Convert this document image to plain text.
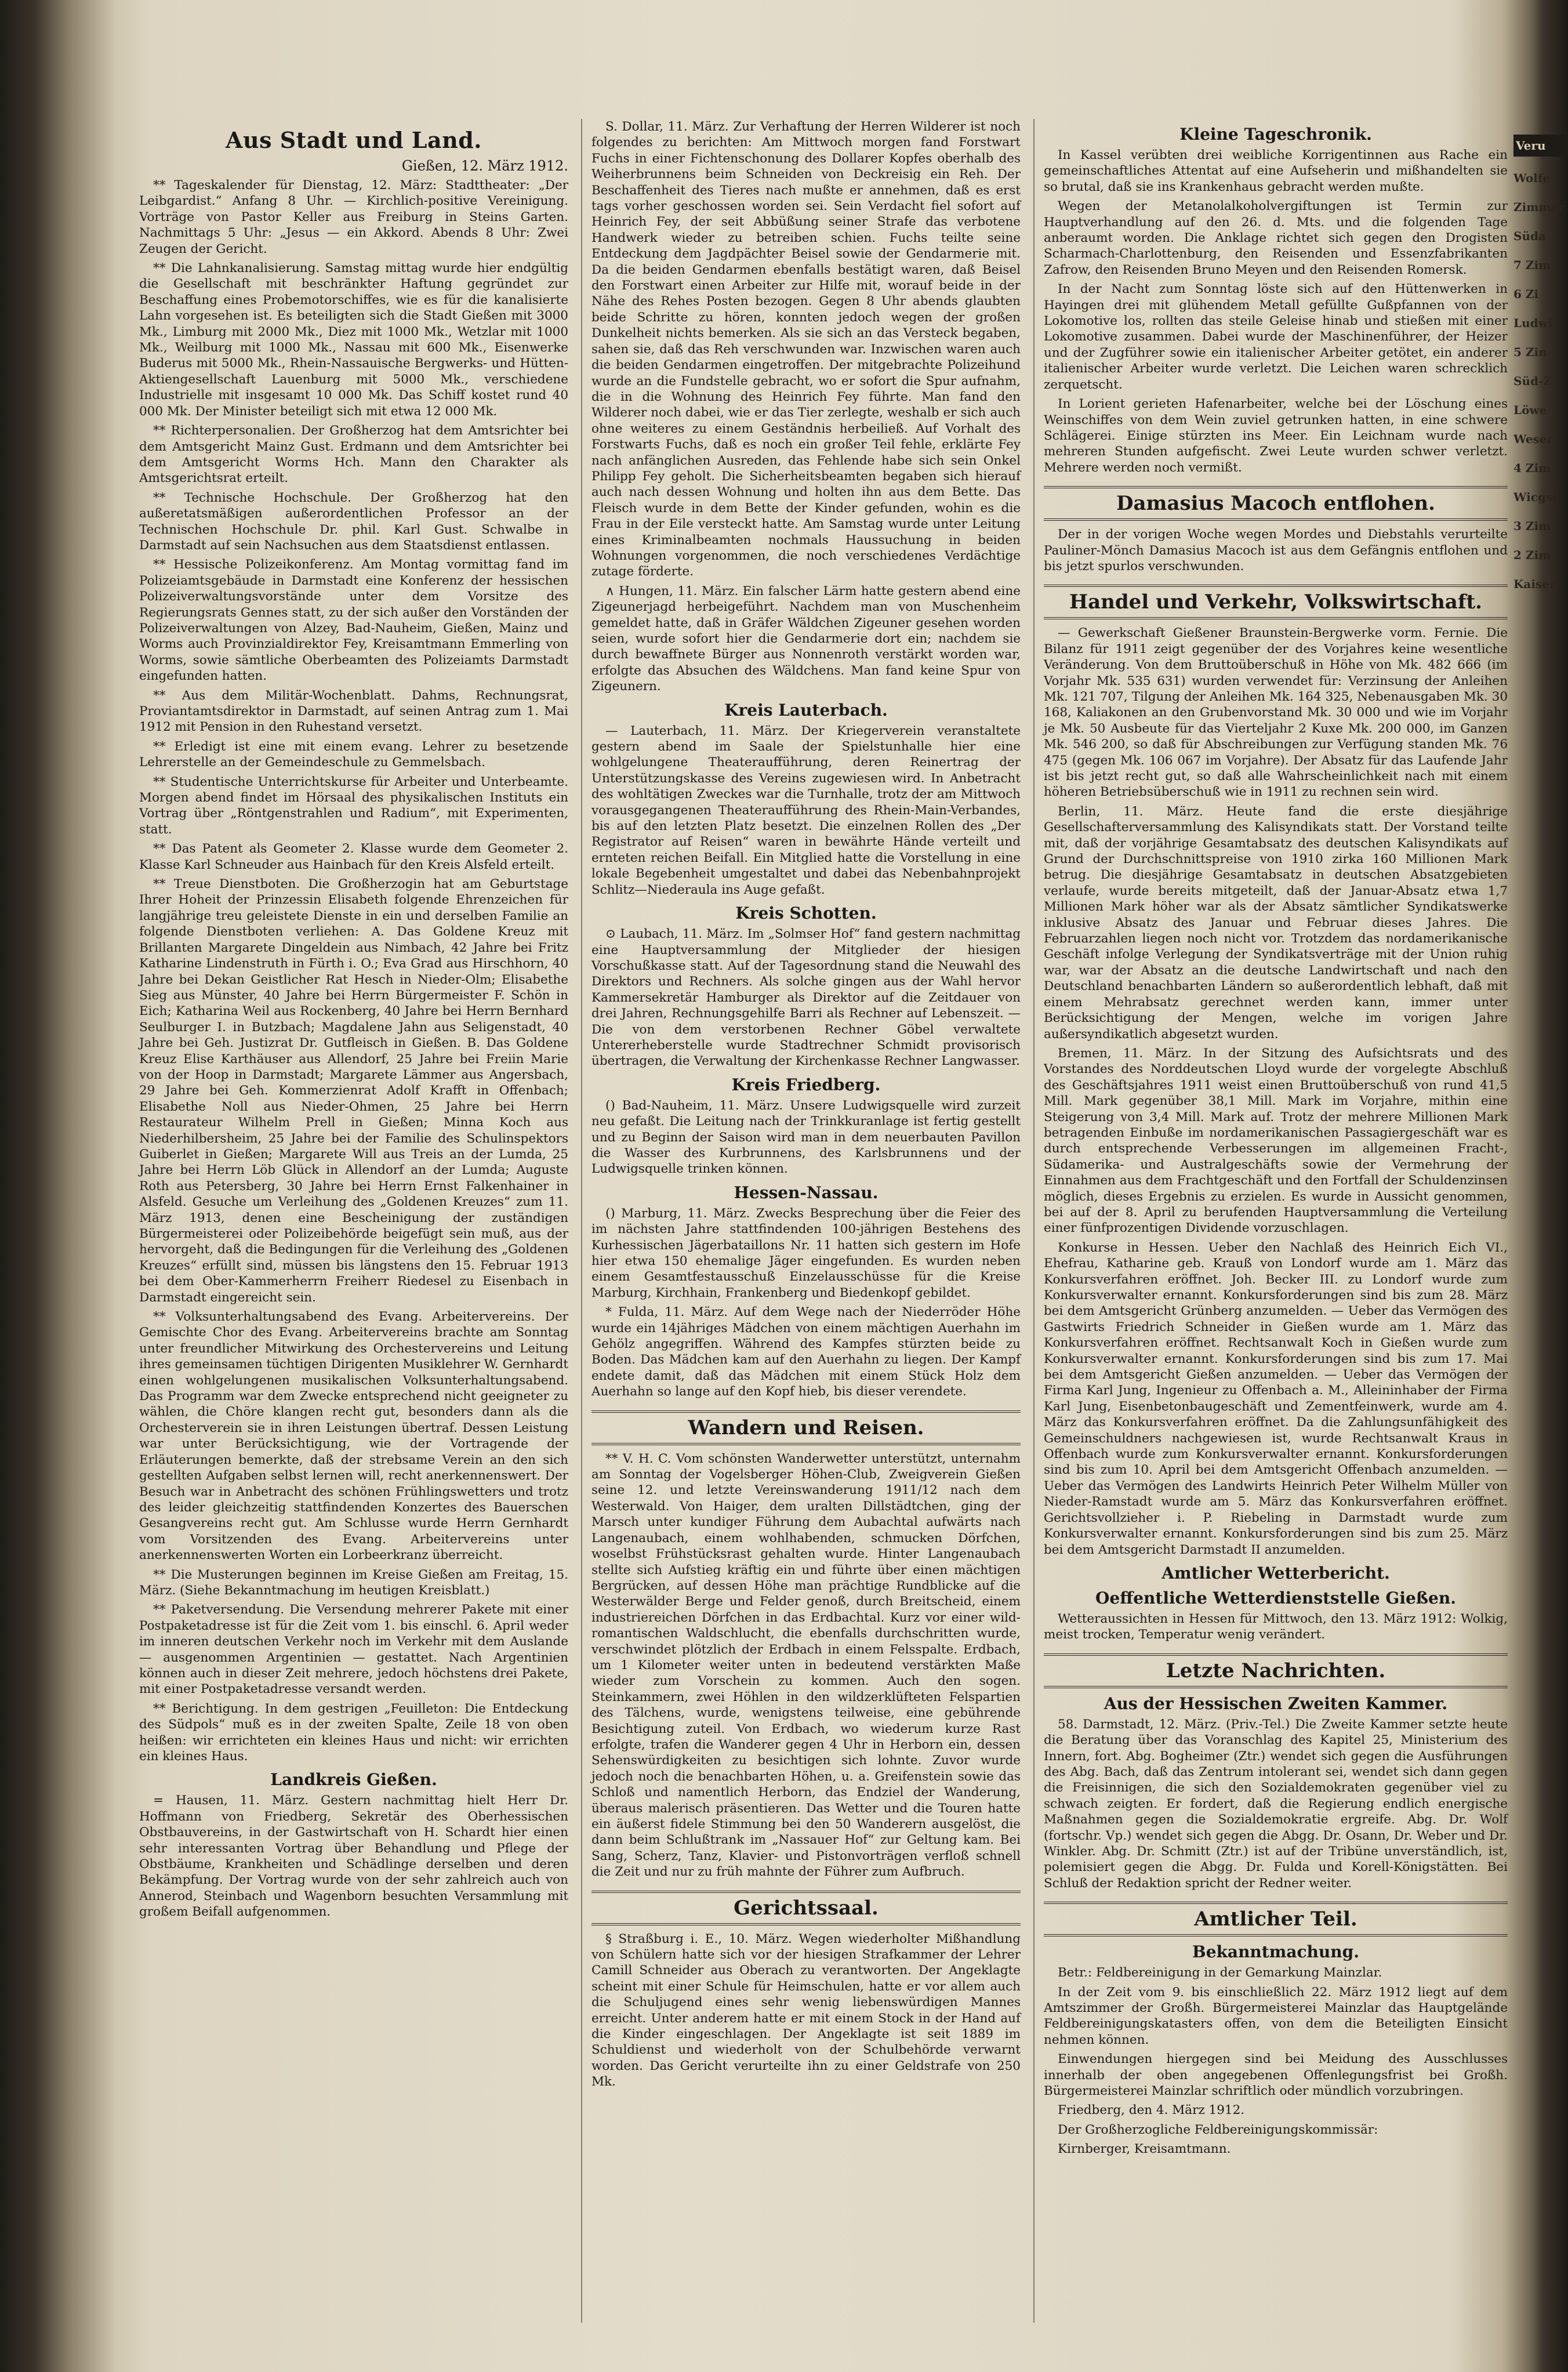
Aus Stadt und Land.
Gießen, 12. März 1912.

** Tageskalender für Dienstag, 12. März: Stadttheater: „Der Leibgardist.“ Anfang 8 Uhr. — Kirchlich-positive Vereinigung. Vorträge von Pastor Keller aus Freiburg in Steins Garten. Nachmittags 5 Uhr: „Jesus — ein Akkord. Abends 8 Uhr: Zwei Zeugen der Gericht.

** Die Lahnkanalisierung. Samstag mittag wurde hier endgültig die Gesellschaft mit beschränkter Haftung gegründet zur Beschaffung eines Probemotorschiffes, wie es für die kanalisierte Lahn vorgesehen ist. Es beteiligten sich die Stadt Gießen mit 3000 Mk., Limburg mit 2000 Mk., Diez mit 1000 Mk., Wetzlar mit 1000 Mk., Weilburg mit 1000 Mk., Nassau mit 600 Mk., Eisenwerke Buderus mit 5000 Mk., Rhein-Nassauische Bergwerks- und Hütten-Aktiengesellschaft Lauenburg mit 5000 Mk., verschiedene Industrielle mit insgesamt 10 000 Mk. Das Schiff kostet rund 40 000 Mk. Der Minister beteiligt sich mit etwa 12 000 Mk.

** Richterpersonalien. Der Großherzog hat dem Amtsrichter bei dem Amtsgericht Mainz Gust. Erdmann und dem Amtsrichter bei dem Amtsgericht Worms Hch. Mann den Charakter als Amtsgerichtsrat erteilt.

** Technische Hochschule. Der Großherzog hat den außeretatsmäßigen außerordentlichen Professor an der Technischen Hochschule Dr. phil. Karl Gust. Schwalbe in Darmstadt auf sein Nachsuchen aus dem Staatsdienst entlassen.

** Hessische Polizeikonferenz. Am Montag vormittag fand im Polizeiamtsgebäude in Darmstadt eine Konferenz der hessischen Polizeiverwaltungsvorstände unter dem Vorsitze des Regierungsrats Gennes statt, zu der sich außer den Vorständen der Polizeiverwaltungen von Alzey, Bad-Nauheim, Gießen, Mainz und Worms auch Provinzialdirektor Fey, Kreisamtmann Emmerling von Worms, sowie sämtliche Oberbeamten des Polizeiamts Darmstadt eingefunden hatten.

** Aus dem Militär-Wochenblatt. Dahms, Rechnungsrat, Proviantamtsdirektor in Darmstadt, auf seinen Antrag zum 1. Mai 1912 mit Pension in den Ruhestand versetzt.

** Erledigt ist eine mit einem evang. Lehrer zu besetzende Lehrerstelle an der Gemeindeschule zu Gemmelsbach.

** Studentische Unterrichtskurse für Arbeiter und Unterbeamte. Morgen abend findet im Hörsaal des physikalischen Instituts ein Vortrag über „Röntgenstrahlen und Radium“, mit Experimenten, statt.

** Das Patent als Geometer 2. Klasse wurde dem Geometer 2. Klasse Karl Schneuder aus Hainbach für den Kreis Alsfeld erteilt.

** Treue Dienstboten. Die Großherzogin hat am Geburtstage Ihrer Hoheit der Prinzessin Elisabeth folgende Ehrenzeichen für langjährige treu geleistete Dienste in ein und derselben Familie an folgende Dienstboten verliehen: A. Das Goldene Kreuz mit Brillanten Margarete Dingeldein aus Nimbach, 42 Jahre bei Fritz Katharine Lindenstruth in Fürth i. O.; Eva Grad aus Hirschhorn, 40 Jahre bei Dekan Geistlicher Rat Hesch in Nieder-Olm; Elisabethe Sieg aus Münster, 40 Jahre bei Herrn Bürgermeister F. Schön in Eich; Katharina Weil aus Rockenberg, 40 Jahre bei Herrn Bernhard Seulburger I. in Butzbach; Magdalene Jahn aus Seligenstadt, 40 Jahre bei Geh. Justizrat Dr. Gutfleisch in Gießen. B. Das Goldene Kreuz Elise Karthäuser aus Allendorf, 25 Jahre bei Freiin Marie von der Hoop in Darmstadt; Margarete Lämmer aus Angersbach, 29 Jahre bei Geh. Kommerzienrat Adolf Krafft in Offenbach; Elisabethe Noll aus Nieder-Ohmen, 25 Jahre bei Herrn Restaurateur Wilhelm Prell in Gießen; Minna Koch aus Niederhilbersheim, 25 Jahre bei der Familie des Schulinspektors Guiberlet in Gießen; Margarete Will aus Treis an der Lumda, 25 Jahre bei Herrn Löb Glück in Allendorf an der Lumda; Auguste Roth aus Petersberg, 30 Jahre bei Herrn Ernst Falkenhainer in Alsfeld. Gesuche um Verleihung des „Goldenen Kreuzes“ zum 11. März 1913, denen eine Bescheinigung der zuständigen Bürgermeisterei oder Polizeibehörde beigefügt sein muß, aus der hervorgeht, daß die Bedingungen für die Verleihung des „Goldenen Kreuzes“ erfüllt sind, müssen bis längstens den 15. Februar 1913 bei dem Ober-Kammerherrn Freiherr Riedesel zu Eisenbach in Darmstadt eingereicht sein.

** Volksunterhaltungsabend des Evang. Arbeitervereins. Der Gemischte Chor des Evang. Arbeitervereins brachte am Sonntag unter freundlicher Mitwirkung des Orchestervereins und Leitung ihres gemeinsamen tüchtigen Dirigenten Musiklehrer W. Gernhardt einen wohlgelungenen musikalischen Volksunterhaltungsabend. Das Programm war dem Zwecke entsprechend nicht geeigneter zu wählen, die Chöre klangen recht gut, besonders dann als die Orchesterverein sie in ihren Leistungen übertraf. Dessen Leistung war unter Berücksichtigung, wie der Vortragende der Erläuterungen bemerkte, daß der strebsame Verein an den sich gestellten Aufgaben selbst lernen will, recht anerkennenswert. Der Besuch war in Anbetracht des schönen Frühlingswetters und trotz des leider gleichzeitig stattfindenden Konzertes des Bauerschen Gesangvereins recht gut. Am Schlusse wurde Herrn Gernhardt vom Vorsitzenden des Evang. Arbeitervereins unter anerkennenswerten Worten ein Lorbeerkranz überreicht.

** Die Musterungen beginnen im Kreise Gießen am Freitag, 15. März. (Siehe Bekanntmachung im heutigen Kreisblatt.)

** Paketversendung. Die Versendung mehrerer Pakete mit einer Postpaketadresse ist für die Zeit vom 1. bis einschl. 6. April weder im inneren deutschen Verkehr noch im Verkehr mit dem Auslande — ausgenommen Argentinien — gestattet. Nach Argentinien können auch in dieser Zeit mehrere, jedoch höchstens drei Pakete, mit einer Postpaketadresse versandt werden.

** Berichtigung. In dem gestrigen „Feuilleton: Die Entdeckung des Südpols“ muß es in der zweiten Spalte, Zeile 18 von oben heißen: wir errichteten ein kleines Haus und nicht: wir errichten ein kleines Haus.

Landkreis Gießen.

= Hausen, 11. März. Gestern nachmittag hielt Herr Dr. Hoffmann von Friedberg, Sekretär des Oberhessischen Obstbauvereins, in der Gastwirtschaft von H. Schardt hier einen sehr interessanten Vortrag über Behandlung und Pflege der Obstbäume, Krankheiten und Schädlinge derselben und deren Bekämpfung. Der Vortrag wurde von der sehr zahlreich auch von Annerod, Steinbach und Wagenborn besuchten Versammlung mit großem Beifall aufgenommen.

S. Dollar, 11. März. Zur Verhaftung der Herren Wilderer ist noch folgendes zu berichten: Am Mittwoch morgen fand Forstwart Fuchs in einer Fichtenschonung des Dollarer Kopfes oberhalb des Weiherbrunnens beim Schneiden von Deckreisig ein Reh. Der Beschaffenheit des Tieres nach mußte er annehmen, daß es erst tags vorher geschossen worden sei. Sein Verdacht fiel sofort auf Heinrich Fey, der seit Abbüßung seiner Strafe das verbotene Handwerk wieder zu betreiben schien. Fuchs teilte seine Entdeckung dem Jagdpächter Beisel sowie der Gendarmerie mit. Da die beiden Gendarmen ebenfalls bestätigt waren, daß Beisel den Forstwart einen Arbeiter zur Hilfe mit, worauf beide in der Nähe des Rehes Posten bezogen. Gegen 8 Uhr abends glaubten beide Schritte zu hören, konnten jedoch wegen der großen Dunkelheit nichts bemerken. Als sie sich an das Versteck begaben, sahen sie, daß das Reh verschwunden war. Inzwischen waren auch die beiden Gendarmen eingetroffen. Der mitgebrachte Polizeihund wurde an die Fundstelle gebracht, wo er sofort die Spur aufnahm, die in die Wohnung des Heinrich Fey führte. Man fand den Wilderer noch dabei, wie er das Tier zerlegte, weshalb er sich auch ohne weiteres zu einem Geständnis herbeiließ. Auf Vorhalt des Forstwarts Fuchs, daß es noch ein großer Teil fehle, erklärte Fey nach anfänglichen Ausreden, das Fehlende habe sich sein Onkel Philipp Fey geholt. Die Sicherheitsbeamten begaben sich hierauf auch nach dessen Wohnung und holten ihn aus dem Bette. Das Fleisch wurde in dem Bette der Kinder gefunden, wohin es die Frau in der Eile versteckt hatte. Am Samstag wurde unter Leitung eines Kriminalbeamten nochmals Haussuchung in beiden Wohnungen vorgenommen, die noch verschiedenes Verdächtige zutage förderte.

∧ Hungen, 11. März. Ein falscher Lärm hatte gestern abend eine Zigeunerjagd herbeigeführt. Nachdem man von Muschenheim gemeldet hatte, daß in Gräfer Wäldchen Zigeuner gesehen worden seien, wurde sofort hier die Gendarmerie dort ein; nachdem sie durch bewaffnete Bürger aus Nonnenroth verstärkt worden war, erfolgte das Absuchen des Wäldchens. Man fand keine Spur von Zigeunern.

Kreis Lauterbach.

— Lauterbach, 11. März. Der Kriegerverein veranstaltete gestern abend im Saale der Spielstunhalle hier eine wohlgelungene Theateraufführung, deren Reinertrag der Unterstützungskasse des Vereins zugewiesen wird. In Anbetracht des wohltätigen Zweckes war die Turnhalle, trotz der am Mittwoch vorausgegangenen Theateraufführung des Rhein-Main-Verbandes, bis auf den letzten Platz besetzt. Die einzelnen Rollen des „Der Registrator auf Reisen“ waren in bewährte Hände verteilt und ernteten reichen Beifall. Ein Mitglied hatte die Vorstellung in eine lokale Begebenheit umgestaltet und dabei das Nebenbahnprojekt Schlitz—Niederaula ins Auge gefaßt.

Kreis Schotten.

⊙ Laubach, 11. März. Im „Solmser Hof“ fand gestern nachmittag eine Hauptversammlung der Mitglieder der hiesigen Vorschußkasse statt. Auf der Tagesordnung stand die Neuwahl des Direktors und Rechners. Als solche gingen aus der Wahl hervor Kammersekretär Hamburger als Direktor auf die Zeitdauer von drei Jahren, Rechnungsgehilfe Barri als Rechner auf Lebenszeit. — Die von dem verstorbenen Rechner Göbel verwaltete Untererheberstelle wurde Stadtrechner Schmidt provisorisch übertragen, die Verwaltung der Kirchenkasse Rechner Langwasser.

Kreis Friedberg.

() Bad-Nauheim, 11. März. Unsere Ludwigsquelle wird zurzeit neu gefaßt. Die Leitung nach der Trinkkuranlage ist fertig gestellt und zu Beginn der Saison wird man in dem neuerbauten Pavillon die Wasser des Kurbrunnens, des Karlsbrunnens und der Ludwigsquelle trinken können.

Hessen-Nassau.

() Marburg, 11. März. Zwecks Besprechung über die Feier des im nächsten Jahre stattfindenden 100-jährigen Bestehens des Kurhessischen Jägerbataillons Nr. 11 hatten sich gestern im Hofe hier etwa 150 ehemalige Jäger eingefunden. Es wurden neben einem Gesamtfestausschuß Einzelausschüsse für die Kreise Marburg, Kirchhain, Frankenberg und Biedenkopf gebildet.

* Fulda, 11. März. Auf dem Wege nach der Niederröder Höhe wurde ein 14jähriges Mädchen von einem mächtigen Auerhahn im Gehölz angegriffen. Während des Kampfes stürzten beide zu Boden. Das Mädchen kam auf den Auerhahn zu liegen. Der Kampf endete damit, daß das Mädchen mit einem Stück Holz dem Auerhahn so lange auf den Kopf hieb, bis dieser verendete.

Wandern und Reisen.

** V. H. C. Vom schönsten Wanderwetter unterstützt, unternahm am Sonntag der Vogelsberger Höhen-Club, Zweigverein Gießen seine 12. und letzte Vereinswanderung 1911/12 nach dem Westerwald. Von Haiger, dem uralten Dillstädtchen, ging der Marsch unter kundiger Führung dem Aubachtal aufwärts nach Langenaubach, einem wohlhabenden, schmucken Dörfchen, woselbst Frühstücksrast gehalten wurde. Hinter Langenaubach stellte sich Aufstieg kräftig ein und führte über einen mächtigen Bergrücken, auf dessen Höhe man prächtige Rundblicke auf die Westerwälder Berge und Felder genoß, durch Breitscheid, einem industriereichen Dörfchen in das Erdbachtal. Kurz vor einer wild-romantischen Waldschlucht, die ebenfalls durchschritten wurde, verschwindet plötzlich der Erdbach in einem Felsspalte. Erdbach, um 1 Kilometer weiter unten in bedeutend verstärkten Maße wieder zum Vorschein zu kommen. Auch den sogen. Steinkammern, zwei Höhlen in den wildzerklüfteten Felspartien des Tälchens, wurde, wenigstens teilweise, eine gebührende Besichtigung zuteil. Von Erdbach, wo wiederum kurze Rast erfolgte, trafen die Wanderer gegen 4 Uhr in Herborn ein, dessen Sehenswürdigkeiten zu besichtigen sich lohnte. Zuvor wurde jedoch noch die benachbarten Höhen, u. a. Greifenstein sowie das Schloß und namentlich Herborn, das Endziel der Wanderung, überaus malerisch präsentieren. Das Wetter und die Touren hatte ein äußerst fidele Stimmung bei den 50 Wanderern ausgelöst, die dann beim Schlußtrank im „Nassauer Hof“ zur Geltung kam. Bei Sang, Scherz, Tanz, Klavier- und Pistonvorträgen verfloß schnell die Zeit und nur zu früh mahnte der Führer zum Aufbruch.

Gerichtssaal.

§ Straßburg i. E., 10. März. Wegen wiederholter Mißhandlung von Schülern hatte sich vor der hiesigen Strafkammer der Lehrer Camill Schneider aus Oberach zu verantworten. Der Angeklagte scheint mit einer Schule für Heimschulen, hatte er vor allem auch die Schuljugend eines sehr wenig liebenswürdigen Mannes erreicht. Unter anderem hatte er mit einem Stock in der Hand auf die Kinder eingeschlagen. Der Angeklagte ist seit 1889 im Schuldienst und wiederholt von der Schulbehörde verwarnt worden. Das Gericht verurteilte ihn zu einer Geldstrafe von 250 Mk.

Kleine Tageschronik.

In Kassel verübten drei weibliche Korrigentinnen aus Rache ein gemeinschaftliches Attentat auf eine Aufseherin und mißhandelten sie so brutal, daß sie ins Krankenhaus gebracht werden mußte.

Wegen der Metanolalkoholvergiftungen ist Termin zur Hauptverhandlung auf den 26. d. Mts. und die folgenden Tage anberaumt worden. Die Anklage richtet sich gegen den Drogisten Scharmach-Charlottenburg, den Reisenden und Essenzfabrikanten Zafrow, den Reisenden Bruno Meyen und den Reisenden Romersk.

In der Nacht zum Sonntag löste sich auf den Hüttenwerken in Hayingen drei mit glühendem Metall gefüllte Gußpfannen von der Lokomotive los, rollten das steile Geleise hinab und stießen mit einer Lokomotive zusammen. Dabei wurde der Maschinenführer, der Heizer und der Zugführer sowie ein italienischer Arbeiter getötet, ein anderer italienischer Arbeiter wurde verletzt. Die Leichen waren schrecklich zerquetscht.

In Lorient gerieten Hafenarbeiter, welche bei der Löschung eines Weinschiffes von dem Wein zuviel getrunken hatten, in eine schwere Schlägerei. Einige stürzten ins Meer. Ein Leichnam wurde nach mehreren Stunden aufgefischt. Zwei Leute wurden schwer verletzt. Mehrere werden noch vermißt.

Damasius Macoch entflohen.

Der in der vorigen Woche wegen Mordes und Diebstahls verurteilte Pauliner-Mönch Damasius Macoch ist aus dem Gefängnis entflohen und bis jetzt spurlos verschwunden.

Handel und Verkehr, Volkswirtschaft.

— Gewerkschaft Gießener Braunstein-Bergwerke vorm. Fernie. Die Bilanz für 1911 zeigt gegenüber der des Vorjahres keine wesentliche Veränderung. Von dem Bruttoüberschuß in Höhe von Mk. 482 666 (im Vorjahr Mk. 535 631) wurden verwendet für: Verzinsung der Anleihen Mk. 121 707, Tilgung der Anleihen Mk. 164 325, Nebenausgaben Mk. 30 168, Kaliakonen an den Grubenvorstand Mk. 30 000 und wie im Vorjahr je Mk. 50 Ausbeute für das Vierteljahr 2 Kuxe Mk. 200 000, im Ganzen Mk. 546 200, so daß für Abschreibungen zur Verfügung standen Mk. 76 475 (gegen Mk. 106 067 im Vorjahre). Der Absatz für das Laufende Jahr ist bis jetzt recht gut, so daß alle Wahrscheinlichkeit nach mit einem höheren Betriebsüberschuß wie in 1911 zu rechnen sein wird.

Berlin, 11. März. Heute fand die erste diesjährige Gesellschafterversammlung des Kalisyndikats statt. Der Vorstand teilte mit, daß der vorjährige Gesamtabsatz des deutschen Kalisyndikats auf Grund der Durchschnittspreise von 1910 zirka 160 Millionen Mark betrug. Die diesjährige Gesamtabsatz in deutschen Absatzgebieten verlaufe, wurde bereits mitgeteilt, daß der Januar-Absatz etwa 1,7 Millionen Mark höher war als der Absatz sämtlicher Syndikatswerke inklusive Absatz des Januar und Februar dieses Jahres. Die Februarzahlen liegen noch nicht vor. Trotzdem das nordamerikanische Geschäft infolge Verlegung der Syndikatsverträge mit der Union ruhig war, war der Absatz an die deutsche Landwirtschaft und nach den Deutschland benachbarten Ländern so außerordentlich lebhaft, daß mit einem Mehrabsatz gerechnet werden kann, immer unter Berücksichtigung der Mengen, welche im vorigen Jahre außersyndikatlich abgesetzt wurden.

Bremen, 11. März. In der Sitzung des Aufsichtsrats und des Vorstandes des Norddeutschen Lloyd wurde der vorgelegte Abschluß des Geschäftsjahres 1911 weist einen Bruttoüberschuß von rund 41,5 Mill. Mark gegenüber 38,1 Mill. Mark im Vorjahre, mithin eine Steigerung von 3,4 Mill. Mark auf. Trotz der mehrere Millionen Mark betragenden Einbuße im nordamerikanischen Passagiergeschäft war es durch entsprechende Verbesserungen im allgemeinen Fracht-, Südamerika- und Australgeschäfts sowie der Vermehrung der Einnahmen aus dem Frachtgeschäft und den Fortfall der Schuldenzinsen möglich, dieses Ergebnis zu erzielen. Es wurde in Aussicht genommen, bei auf der 8. April zu berufenden Hauptversammlung die Verteilung einer fünfprozentigen Dividende vorzuschlagen.

Konkurse in Hessen. Ueber den Nachlaß des Heinrich Eich VI., Ehefrau, Katharine geb. Krauß von Londorf wurde am 1. März das Konkursverfahren eröffnet. Joh. Becker III. zu Londorf wurde zum Konkursverwalter ernannt. Konkursforderungen sind bis zum 28. März bei dem Amtsgericht Grünberg anzumelden. — Ueber das Vermögen des Gastwirts Friedrich Schneider in Gießen wurde am 1. März das Konkursverfahren eröffnet. Rechtsanwalt Koch in Gießen wurde zum Konkursverwalter ernannt. Konkursforderungen sind bis zum 17. Mai bei dem Amtsgericht Gießen anzumelden. — Ueber das Vermögen der Firma Karl Jung, Ingenieur zu Offenbach a. M., Alleininhaber der Firma Karl Jung, Eisenbetonbaugeschäft und Zementfeinwerk, wurde am 4. März das Konkursverfahren eröffnet. Da die Zahlungsunfähigkeit des Gemeinschuldners nachgewiesen ist, wurde Rechtsanwalt Kraus in Offenbach wurde zum Konkursverwalter ernannt. Konkursforderungen sind bis zum 10. April bei dem Amtsgericht Offenbach anzumelden. — Ueber das Vermögen des Landwirts Heinrich Peter Wilhelm Müller von Nieder-Ramstadt wurde am 5. März das Konkursverfahren eröffnet. Gerichtsvollzieher i. P. Riebeling in Darmstadt wurde zum Konkursverwalter ernannt. Konkursforderungen sind bis zum 25. März bei dem Amtsgericht Darmstadt II anzumelden.

Amtlicher Wetterbericht.
Oeffentliche Wetterdienststelle Gießen.

Wetteraussichten in Hessen für Mittwoch, den 13. März 1912: Wolkig, meist trocken, Temperatur wenig verändert.

Letzte Nachrichten.
Aus der Hessischen Zweiten Kammer.

58. Darmstadt, 12. März. (Priv.-Tel.) Die Zweite Kammer setzte heute die Beratung über das Voranschlag des Kapitel 25, Ministerium des Innern, fort. Abg. Bogheimer (Ztr.) wendet sich gegen die Ausführungen des Abg. Bach, daß das Zentrum intolerant sei, wendet sich dann gegen die Freisinnigen, die sich den Sozialdemokraten gegenüber viel zu schwach zeigten. Er fordert, daß die Regierung endlich energische Maßnahmen gegen die Sozialdemokratie ergreife. Abg. Dr. Wolf (fortschr. Vp.) wendet sich gegen die Abgg. Dr. Osann, Dr. Weber und Dr. Winkler. Abg. Dr. Schmitt (Ztr.) ist auf der Tribüne unverständlich, ist, polemisiert gegen die Abgg. Dr. Fulda und Korell-Königstätten. Bei Schluß der Redaktion spricht der Redner weiter.

Amtlicher Teil.
Bekanntmachung.

Betr.: Feldbereinigung in der Gemarkung Mainzlar.

In der Zeit vom 9. bis einschließlich 22. März 1912 liegt auf dem Amtszimmer der Großh. Bürgermeisterei Mainzlar das Hauptgelände Feldbereinigungskatasters offen, von dem die Beteiligten Einsicht nehmen können.

Einwendungen hiergegen sind bei Meidung des Ausschlusses innerhalb der oben angegebenen Offenlegungsfrist bei Großh. Bürgermeisterei Mainzlar schriftlich oder mündlich vorzubringen.

Friedberg, den 4. März 1912.

Der Großherzogliche Feldbereinigungskommissär:

Kirnberger, Kreisamtmann.

Veru
Wolfe
Zimmer
Süda
7 Zim
6 Zi
Ludwi
5 Zin
Süd-Z
Löwe
Weser
4 Zim
Wicgse
3 Zim
2 Zim
Kaiser
